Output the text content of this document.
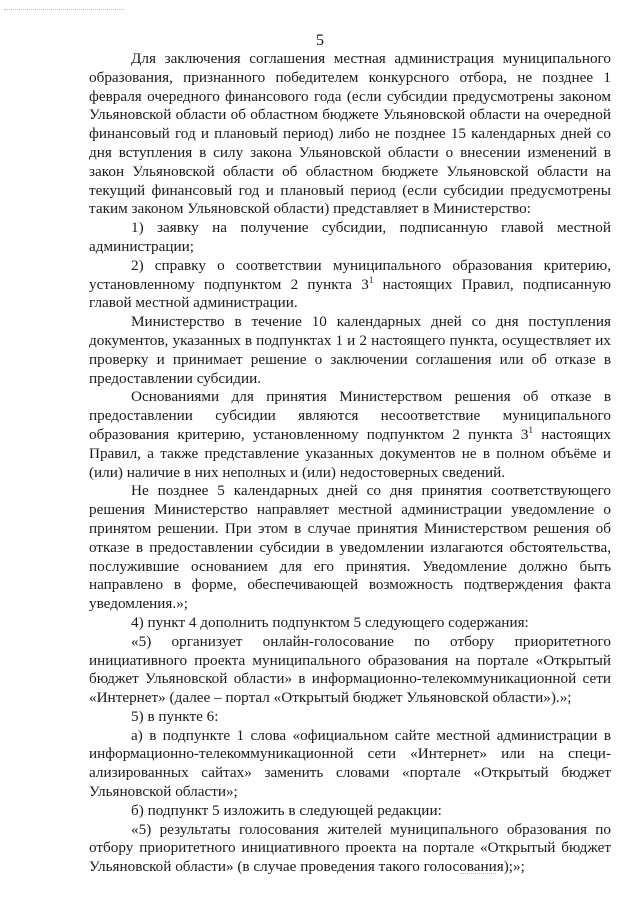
5

Для заключения соглашения местная администрация муниципального образования, признанного победителем конкурсного отбора, не позднее 1 февраля очередного финансового года (если субсидии предусмотрены законом Ульяновской области об областном бюджете Ульяновской области на очередной финансовый год и плановый период) либо не позднее 15 календарных дней со дня вступления в силу закона Ульяновской области о внесении изменений в закон Ульяновской области об областном бюджете Ульяновской области на текущий финансовый год и плановый период (если субсидии предусмотрены таким законом Ульяновской области) представляет в Министерство:

1) заявку на получение субсидии, подписанную главой местной администрации;

2) справку о соответствии муниципального образования критерию, установленному подпунктом 2 пункта $3^1$ настоящих Правил, подписанную главой местной администрации.

Министерство в течение 10 календарных дней со дня поступления документов, указанных в подпунктах 1 и 2 настоящего пункта, осуществляет их проверку и принимает решение о заключении соглашения или об отказе в предоставлении субсидии.

Основаниями для принятия Министерством решения об отказе в предоставлении субсидии являются несоответствие муниципального образования критерию, установленному подпунктом 2 пункта $3^1$ настоящих Правил, а также представление указанных документов не в полном объёме и (или) наличие в них неполных и (или) недостоверных сведений.

Не позднее 5 календарных дней со дня принятия соответствующего решения Министерство направляет местной администрации уведомление о принятом решении. При этом в случае принятия Министерством решения об отказе в предоставлении субсидии в уведомлении излагаются обстоятельства, послужившие основанием для его принятия. Уведомление должно быть направлено в форме, обеспечивающей возможность подтверждения факта уведомления.»;

4) пункт 4 дополнить подпунктом 5 следующего содержания:

«5) организует онлайн-голосование по отбору приоритетного инициативного проекта муниципального образования на портале «Открытый бюджет Ульяновской области» в информационно-телекоммуникационной сети «Интернет» (далее – портал «Открытый бюджет Ульяновской области»).»;

5) в пункте 6:

а) в подпункте 1 слова «официальном сайте местной администрации в информационно-телекоммуникационной сети «Интернет» или на специализированных сайтах» заменить словами «портале «Открытый бюджет Ульяновской области»;

б) подпункт 5 изложить в следующей редакции:

«5) результаты голосования жителей муниципального образования по отбору приоритетного инициативного проекта на портале «Открытый бюджет Ульяновской области» (в случае проведения такого голосования);»;
